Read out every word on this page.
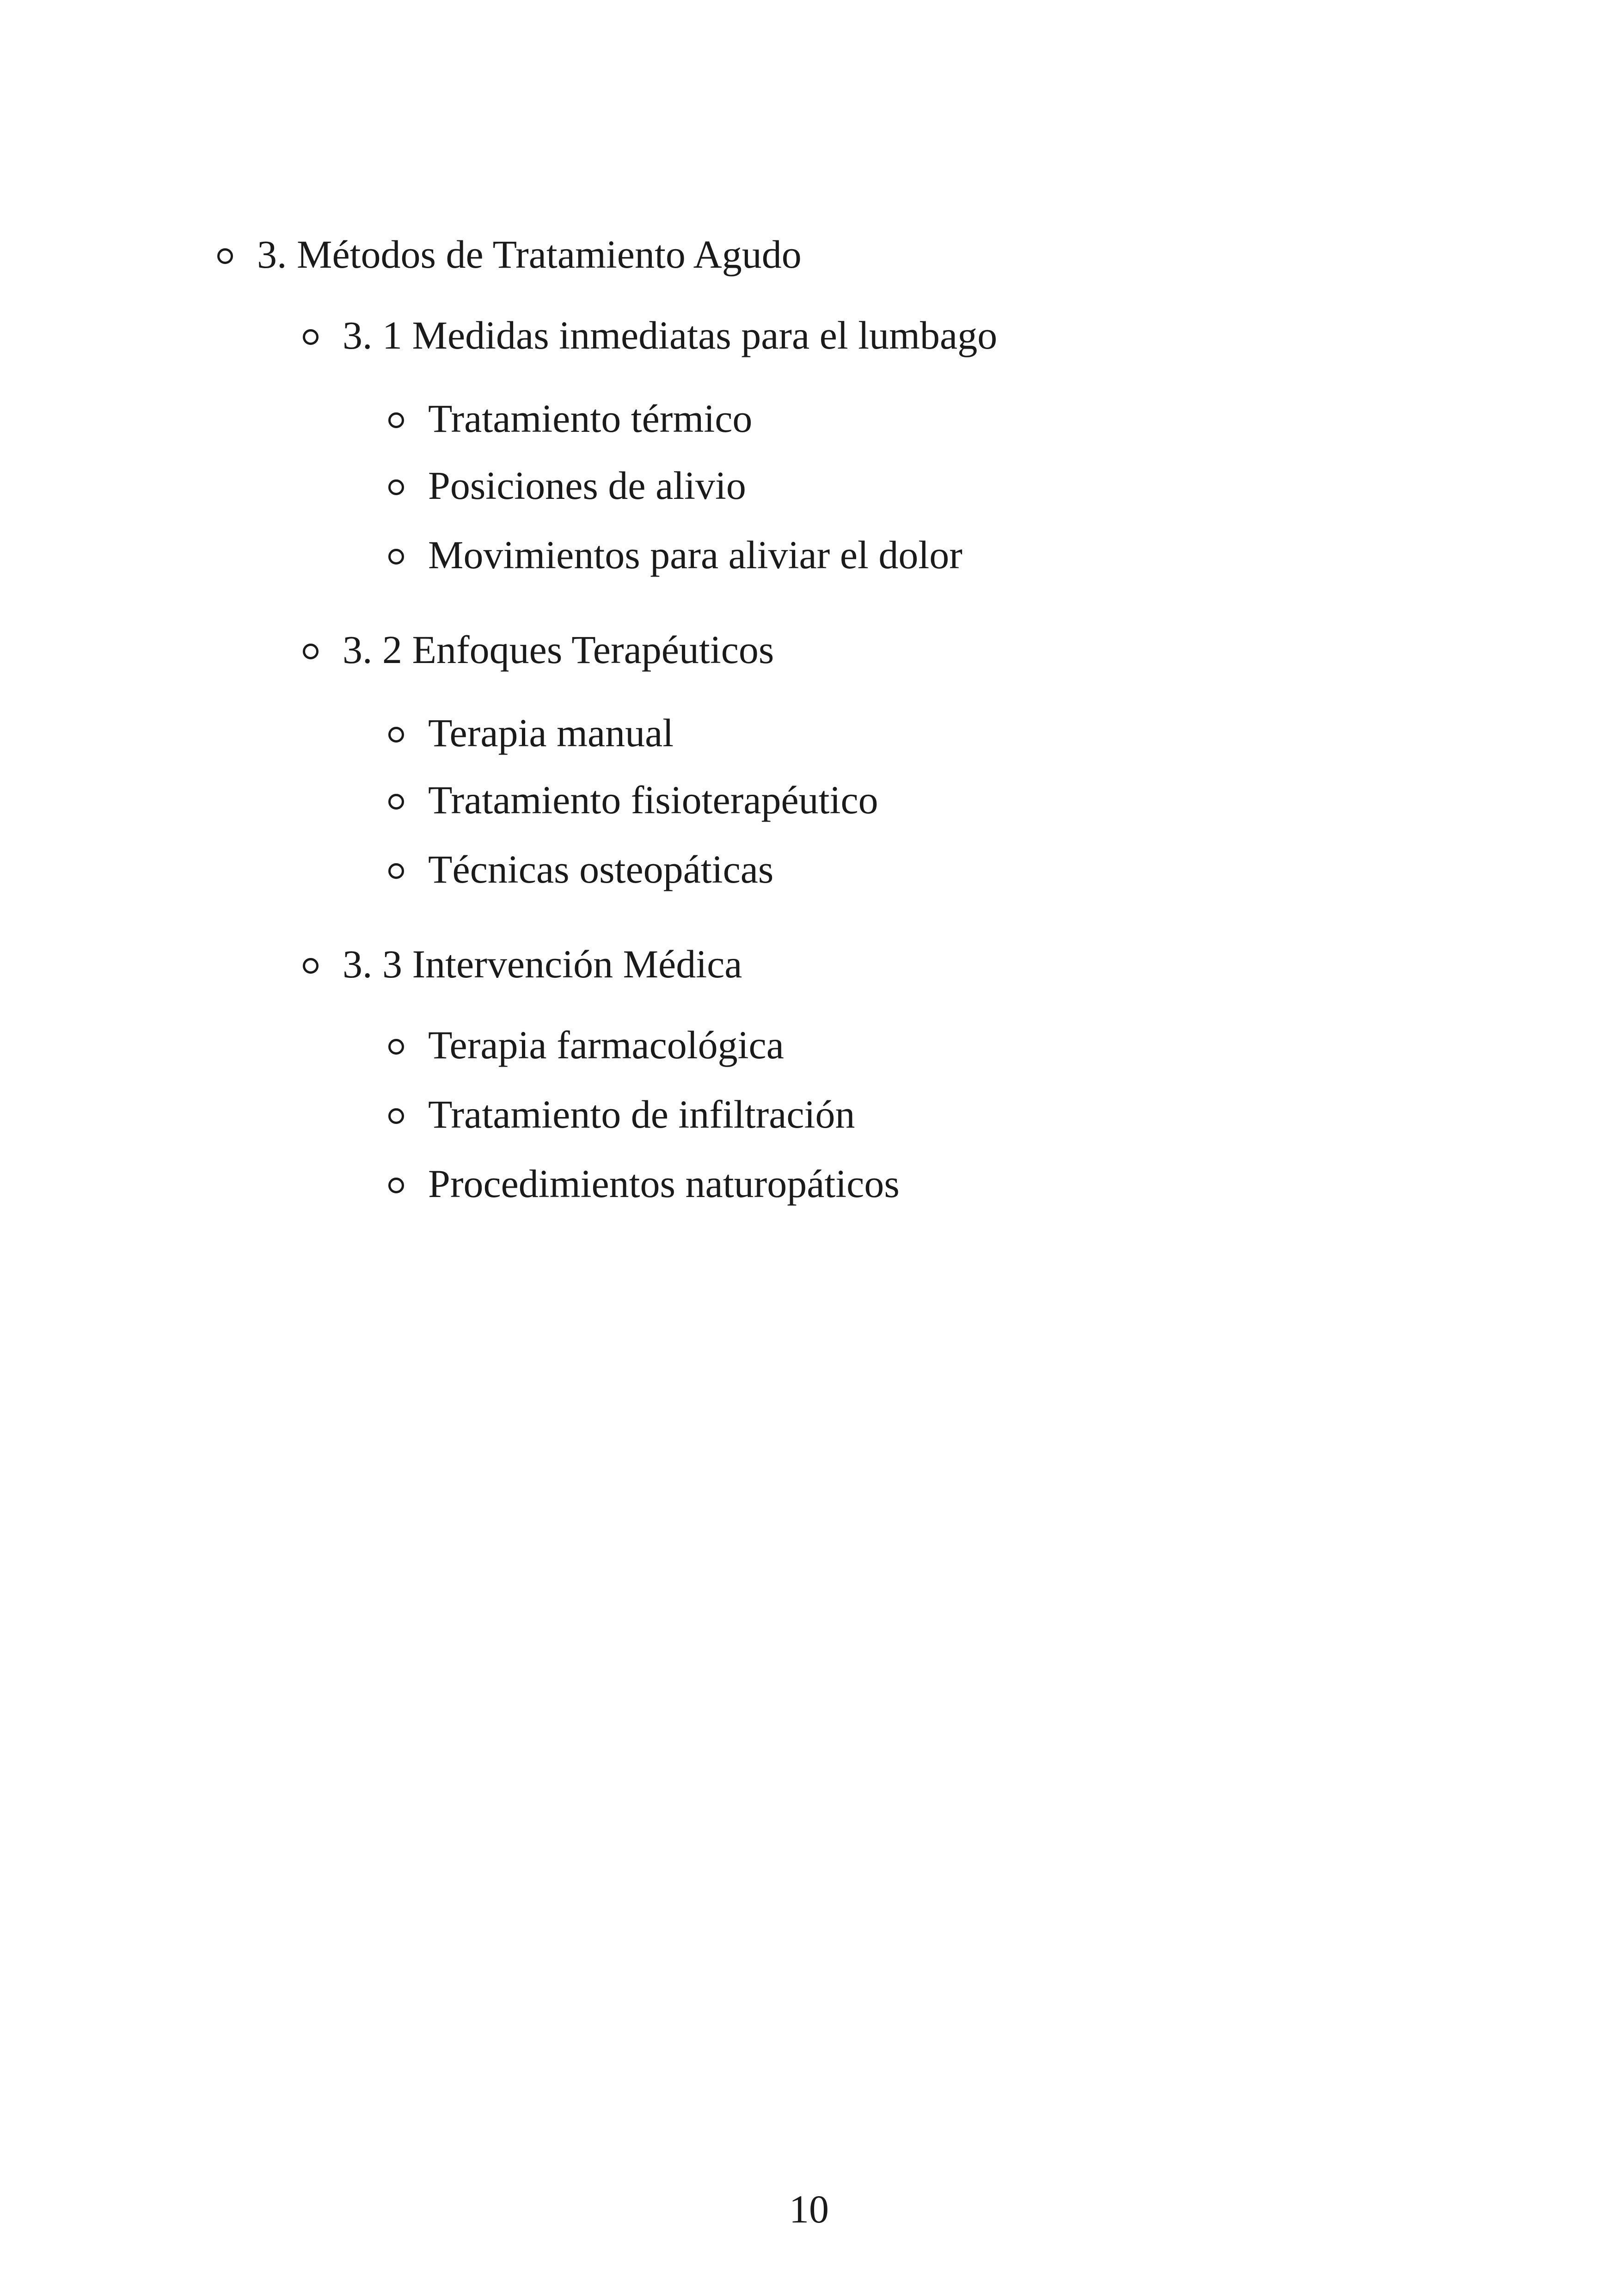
3. Métodos de Tratamiento Agudo
3. 1 Medidas inmediatas para el lumbago
Tratamiento térmico
Posiciones de alivio
Movimientos para aliviar el dolor
3. 2 Enfoques Terapéuticos
Terapia manual
Tratamiento fisioterapéutico
Técnicas osteopáticas
3. 3 Intervención Médica
Terapia farmacológica
Tratamiento de infiltración
Procedimientos naturopáticos
10
